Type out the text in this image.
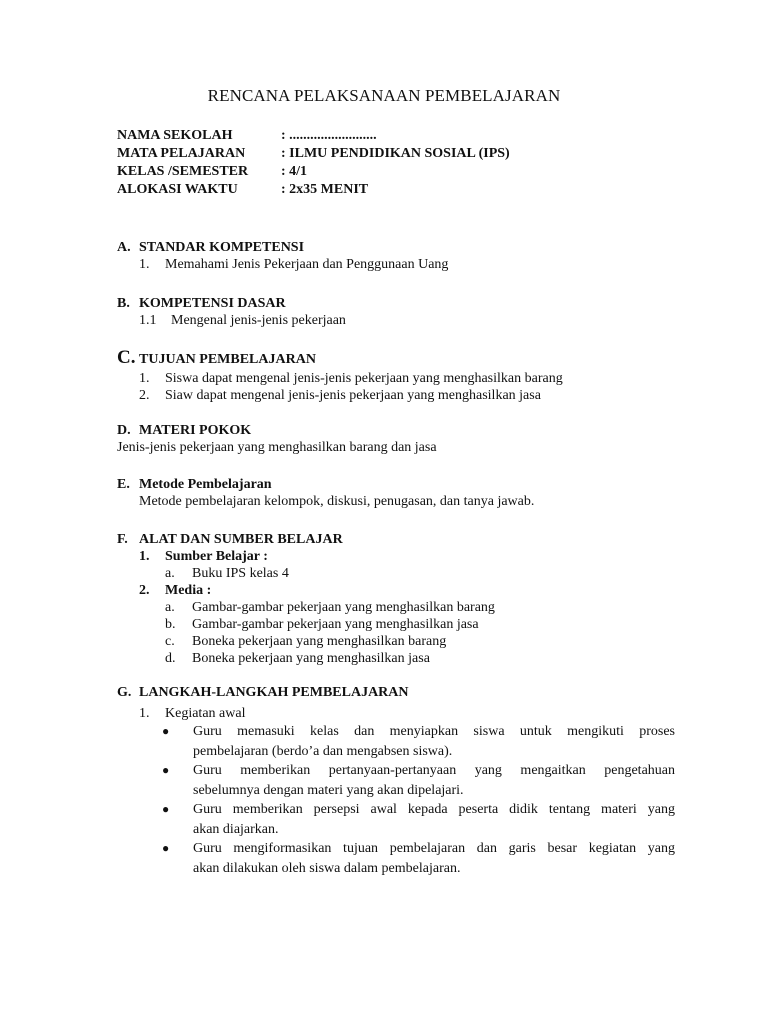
RENCANA PELAKSANAAN PEMBELAJARAN
NAMA SEKOLAH	: .........................
MATA PELAJARAN	: ILMU PENDIDIKAN SOSIAL (IPS)
KELAS /SEMESTER : 4/1
ALOKASI WAKTU	: 2x35 MENIT
A. STANDAR KOMPETENSI
1. Memahami Jenis Pekerjaan dan Penggunaan Uang
B. KOMPETENSI DASAR
1.1 Mengenal jenis-jenis pekerjaan
C. TUJUAN PEMBELAJARAN
1. Siswa dapat mengenal jenis-jenis pekerjaan yang menghasilkan barang
2. Siaw dapat mengenal jenis-jenis pekerjaan yang menghasilkan jasa
D. MATERI POKOK
Jenis-jenis pekerjaan yang menghasilkan barang dan jasa
E. Metode Pembelajaran
Metode pembelajaran kelompok, diskusi, penugasan, dan tanya jawab.
F. ALAT DAN SUMBER BELAJAR
1. Sumber Belajar :
a. Buku IPS kelas 4
2. Media :
a. Gambar-gambar pekerjaan yang menghasilkan barang
b. Gambar-gambar pekerjaan yang menghasilkan jasa
c. Boneka pekerjaan yang menghasilkan barang
d. Boneka pekerjaan yang menghasilkan jasa
G. LANGKAH-LANGKAH PEMBELAJARAN
1. Kegiatan awal
● Guru memasuki kelas dan menyiapkan siswa untuk mengikuti proses
pembelajaran (berdo’a dan mengabsen siswa).
● Guru memberikan pertanyaan-pertanyaan yang mengaitkan pengetahuan
sebelumnya dengan materi yang akan dipelajari.
● Guru memberikan persepsi awal kepada peserta didik tentang materi yang
akan diajarkan.
● Guru mengiformasikan tujuan pembelajaran dan garis besar kegiatan yang
akan dilakukan oleh siswa dalam pembelajaran.
